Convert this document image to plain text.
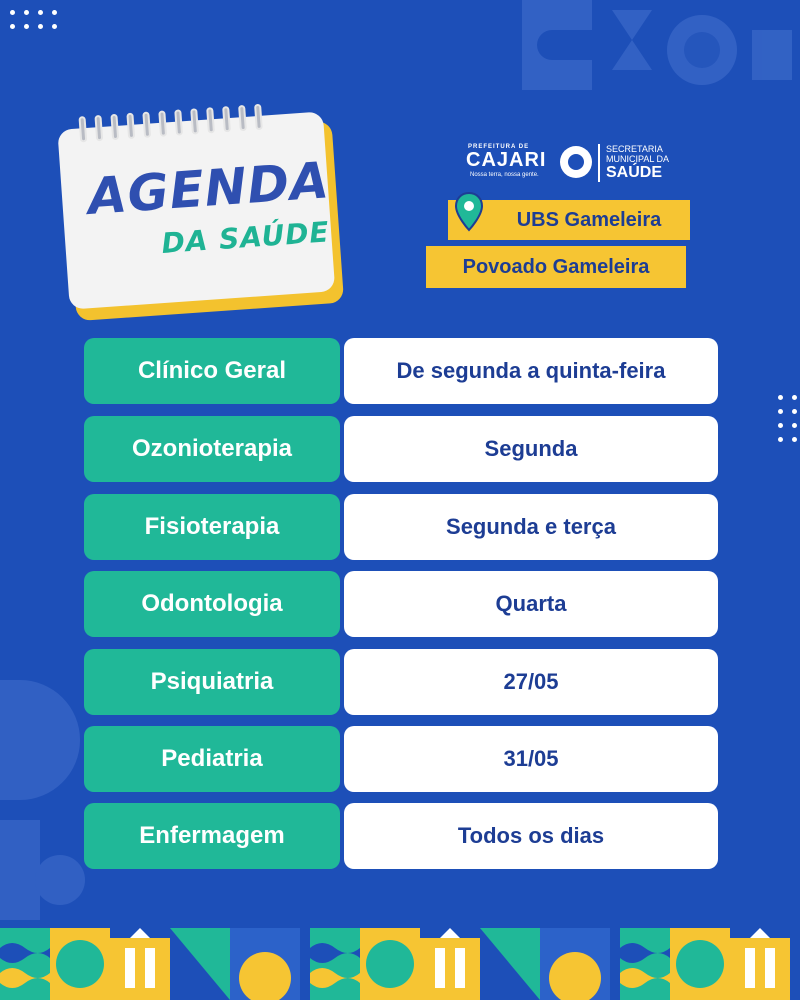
AGENDA
DA SAÚDE
PREFEITURA DE
CAJARI
Nossa terra, nossa gente.
SECRETARIA
MUNICIPAL DA
SAÚDE
UBS Gameleira
Povoado Gameleira
Clínico Geral	De segunda a quinta-feira
Ozonioterapia	Segunda
Fisioterapia	Segunda e terça
Odontologia	Quarta
Psiquiatria	27/05
Pediatria	31/05
Enfermagem	Todos os dias
